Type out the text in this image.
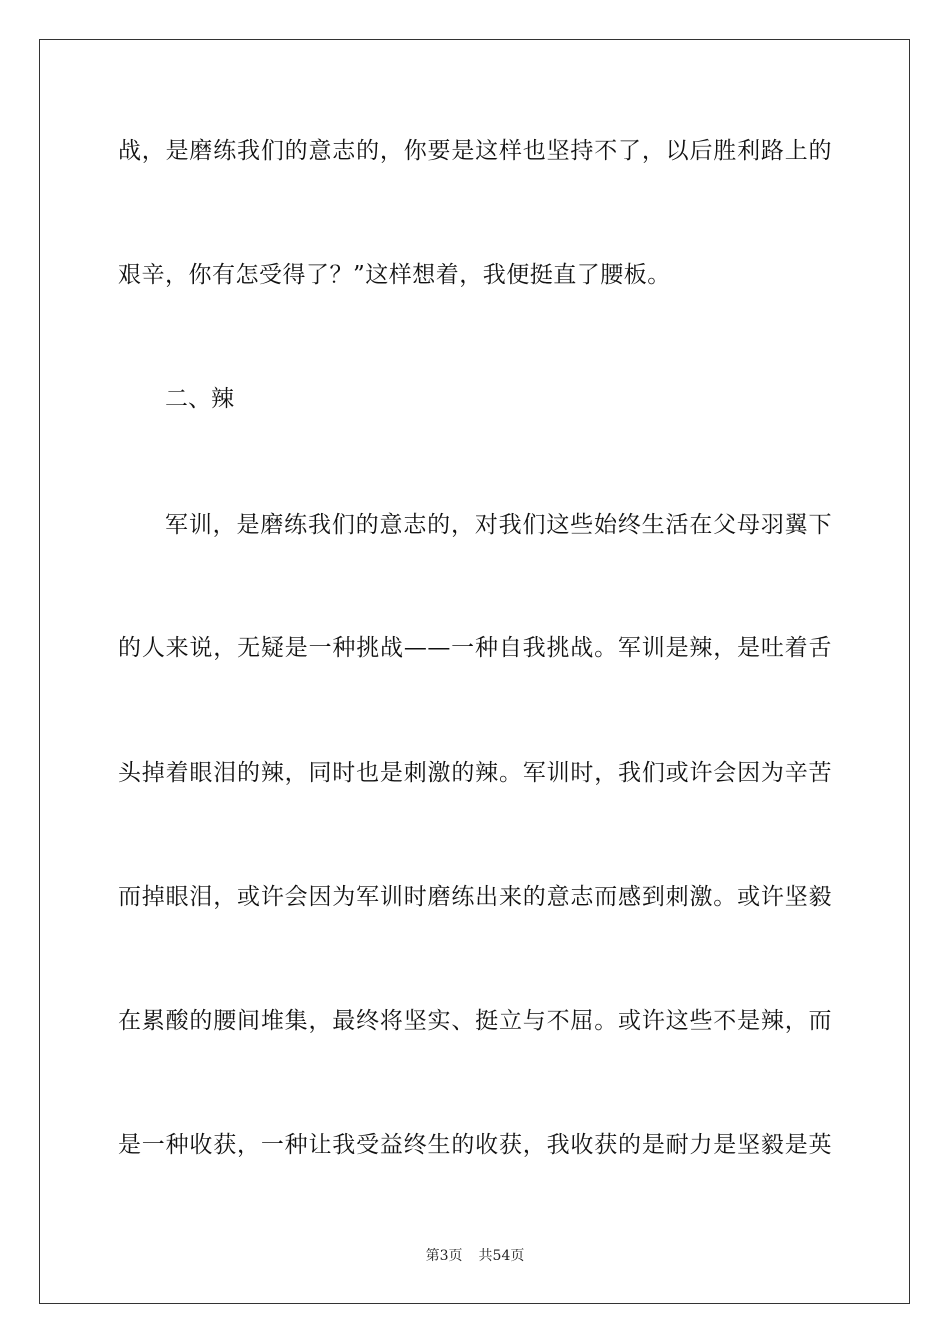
战，是磨练我们的意志的，你要是这样也坚持不了，以后胜利路上的
艰辛，你有怎受得了？”这样想着，我便挺直了腰板。
二、辣
军训，是磨练我们的意志的，对我们这些始终生活在父母羽翼下
的人来说，无疑是一种挑战——一种自我挑战。军训是辣，是吐着舌
头掉着眼泪的辣，同时也是刺激的辣。军训时，我们或许会因为辛苦
而掉眼泪，或许会因为军训时磨练出来的意志而感到刺激。或许坚毅
在累酸的腰间堆集，最终将坚实、挺立与不屈。或许这些不是辣，而
是一种收获，一种让我受益终生的收获，我收获的是耐力是坚毅是英
第3页 共54页
